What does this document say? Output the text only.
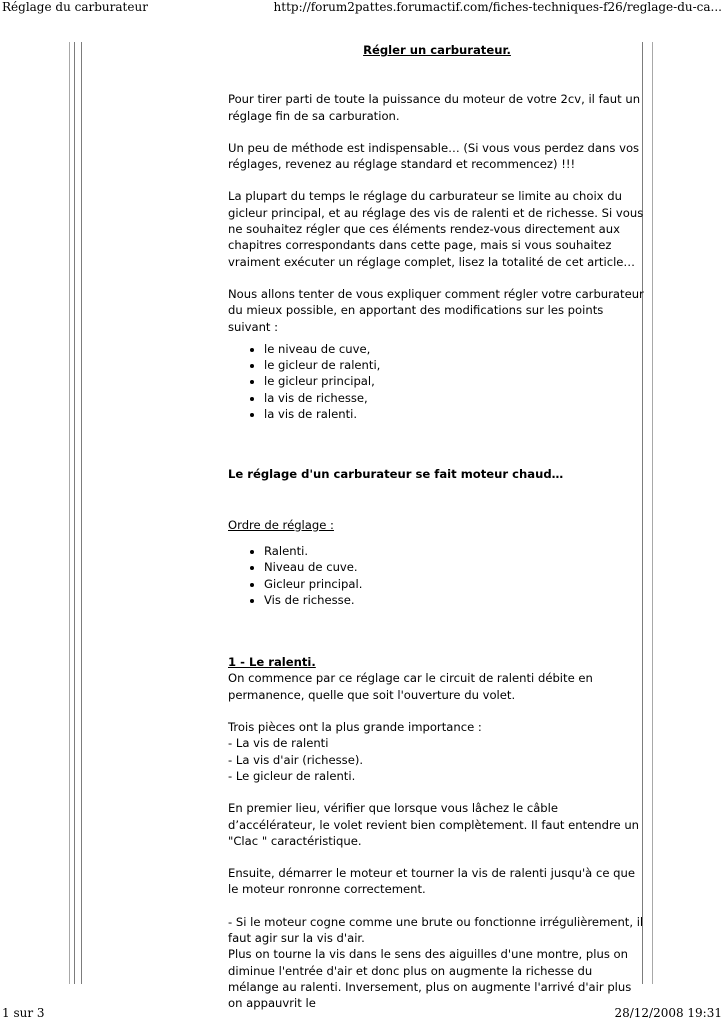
Réglage du carburateur	http://forum2pattes.forumactif.com/fiches-techniques-f26/reglage-du-ca...

Régler un carburateur.

Pour tirer parti de toute la puissance du moteur de votre 2cv, il faut un réglage fin de sa carburation.

Un peu de méthode est indispensable… (Si vous vous perdez dans vos réglages, revenez au réglage standard et recommencez) !!!

La plupart du temps le réglage du carburateur se limite au choix du gicleur principal, et au réglage des vis de ralenti et de richesse. Si vous ne souhaitez régler que ces éléments rendez-vous directement aux chapitres correspondants dans cette page, mais si vous souhaitez vraiment exécuter un réglage complet, lisez la totalité de cet article…

Nous allons tenter de vous expliquer comment régler votre carburateur du mieux possible, en apportant des modifications sur les points suivant :

• le niveau de cuve,
• le gicleur de ralenti,
• le gicleur principal,
• la vis de richesse,
• la vis de ralenti.

Le réglage d'un carburateur se fait moteur chaud…

Ordre de réglage :

• Ralenti.
• Niveau de cuve.
• Gicleur principal.
• Vis de richesse.

1 - Le ralenti.

On commence par ce réglage car le circuit de ralenti débite en permanence, quelle que soit l'ouverture du volet.

Trois pièces ont la plus grande importance :

- La vis de ralenti

- La vis d'air (richesse).

- Le gicleur de ralenti.

En premier lieu, vérifier que lorsque vous lâchez le câble d’accélérateur, le volet revient bien complètement. Il faut entendre un "Clac " caractéristique.

Ensuite, démarrer le moteur et tourner la vis de ralenti jusqu'à ce que le moteur ronronne correctement.

- Si le moteur cogne comme une brute ou fonctionne irrégulièrement, il faut agir sur la vis d'air.

Plus on tourne la vis dans le sens des aiguilles d'une montre, plus on diminue l'entrée d'air et donc plus on augmente la richesse du mélange au ralenti. Inversement, plus on augmente l'arrivé d'air plus on appauvrit le

1 sur 3	28/12/2008 19:31
